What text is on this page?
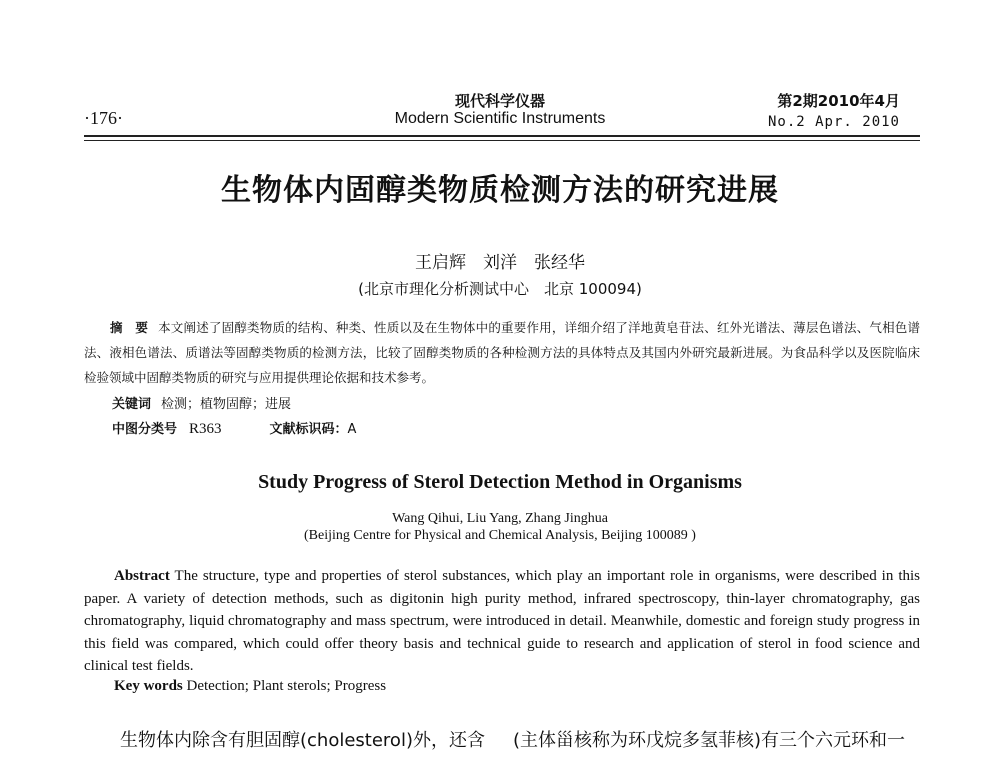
·176·
现代科学仪器
Modern Scientific Instruments
第2期2010年4月
No.2 Apr. 2010
生物体内固醇类物质检测方法的研究进展
王启辉　刘洋　张经华
(北京市理化分析测试中心　北京 100094)
摘　要 本文阐述了固醇类物质的结构、种类、性质以及在生物体中的重要作用，详细介绍了洋地黄皂苷法、红外光谱法、薄层色谱法、气相色谱法、液相色谱法、质谱法等固醇类物质的检测方法，比较了固醇类物质的各种检测方法的具体特点及其国内外研究最新进展。为食品科学以及医院临床检验领域中固醇类物质的研究与应用提供理论依据和技术参考。
关键词 检测；植物固醇；进展
中图分类号 R363	文献标识码：A
Study Progress of Sterol Detection Method in Organisms
Wang Qihui, Liu Yang, Zhang Jinghua
(Beijing Centre for Physical and Chemical Analysis, Beijing 100089 )
Abstract The structure, type and properties of sterol substances, which play an important role in organisms, were described in this paper. A variety of detection methods, such as digitonin high purity method, infrared spectroscopy, thin-layer chromatography, gas chromatography, liquid chromatography and mass spectrum, were introduced in detail. Meanwhile, domestic and foreign study progress in this field was compared, which could offer theory basis and technical guide to research and application of sterol in food science and clinical test fields.
Key words Detection; Plant sterols; Progress
生物体内除含有胆固醇(cholesterol)外，还含	(主体甾核称为环戊烷多氢菲核)有三个六元环和一
